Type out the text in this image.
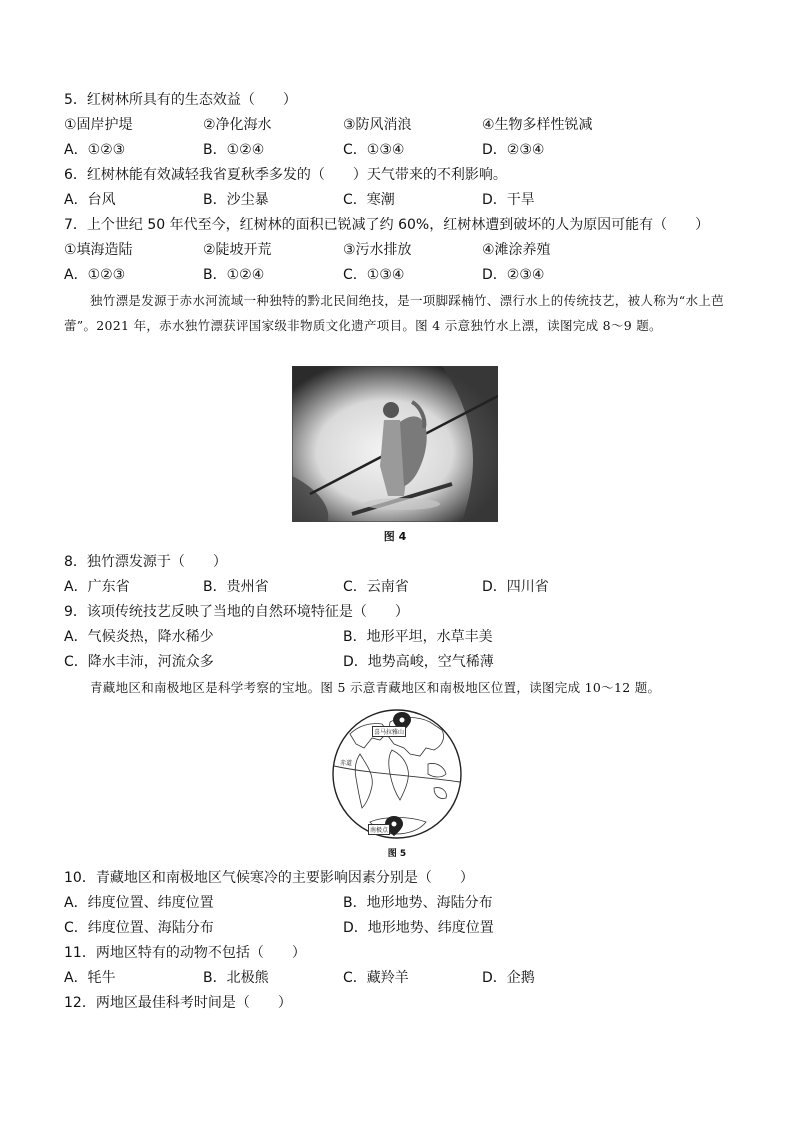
5．红树林所具有的生态效益（　　）
①固岸护堤	②净化海水	③防风消浪	④生物多样性锐减
A．①②③	B．①②④	C．①③④	D．②③④
6．红树林能有效减轻我省夏秋季多发的（　　）天气带来的不利影响。
A．台风	B．沙尘暴	C．寒潮	D．干旱
7．上个世纪 50 年代至今，红树林的面积已锐减了约 60%，红树林遭到破坏的人为原因可能有（　　）
①填海造陆	②陡坡开荒	③污水排放	④滩涂养殖
A．①②③	B．①②④	C．①③④	D．②③④
独竹漂是发源于赤水河流域一种独特的黔北民间绝技，是一项脚踩楠竹、漂行水上的传统技艺，被人称为“水上芭蕾”。2021 年，赤水独竹漂获评国家级非物质文化遗产项目。图 4 示意独竹水上漂，读图完成 8～9 题。
图 4
8．独竹漂发源于（　　）
A．广东省	B．贵州省	C．云南省	D．四川省
9．该项传统技艺反映了当地的自然环境特征是（　　）
A．气候炎热，降水稀少	B．地形平坦，水草丰美
C．降水丰沛，河流众多	D．地势高峻，空气稀薄
青藏地区和南极地区是科学考察的宝地。图 5 示意青藏地区和南极地区位置，读图完成 10～12 题。
喜马拉雅山
赤道
南极点
图 5
10．青藏地区和南极地区气候寒冷的主要影响因素分别是（　　）
A．纬度位置、纬度位置	B．地形地势、海陆分布
C．纬度位置、海陆分布	D．地形地势、纬度位置
11．两地区特有的动物不包括（　　）
A．牦牛	B．北极熊	C．藏羚羊	D．企鹅
12．两地区最佳科考时间是（　　）
